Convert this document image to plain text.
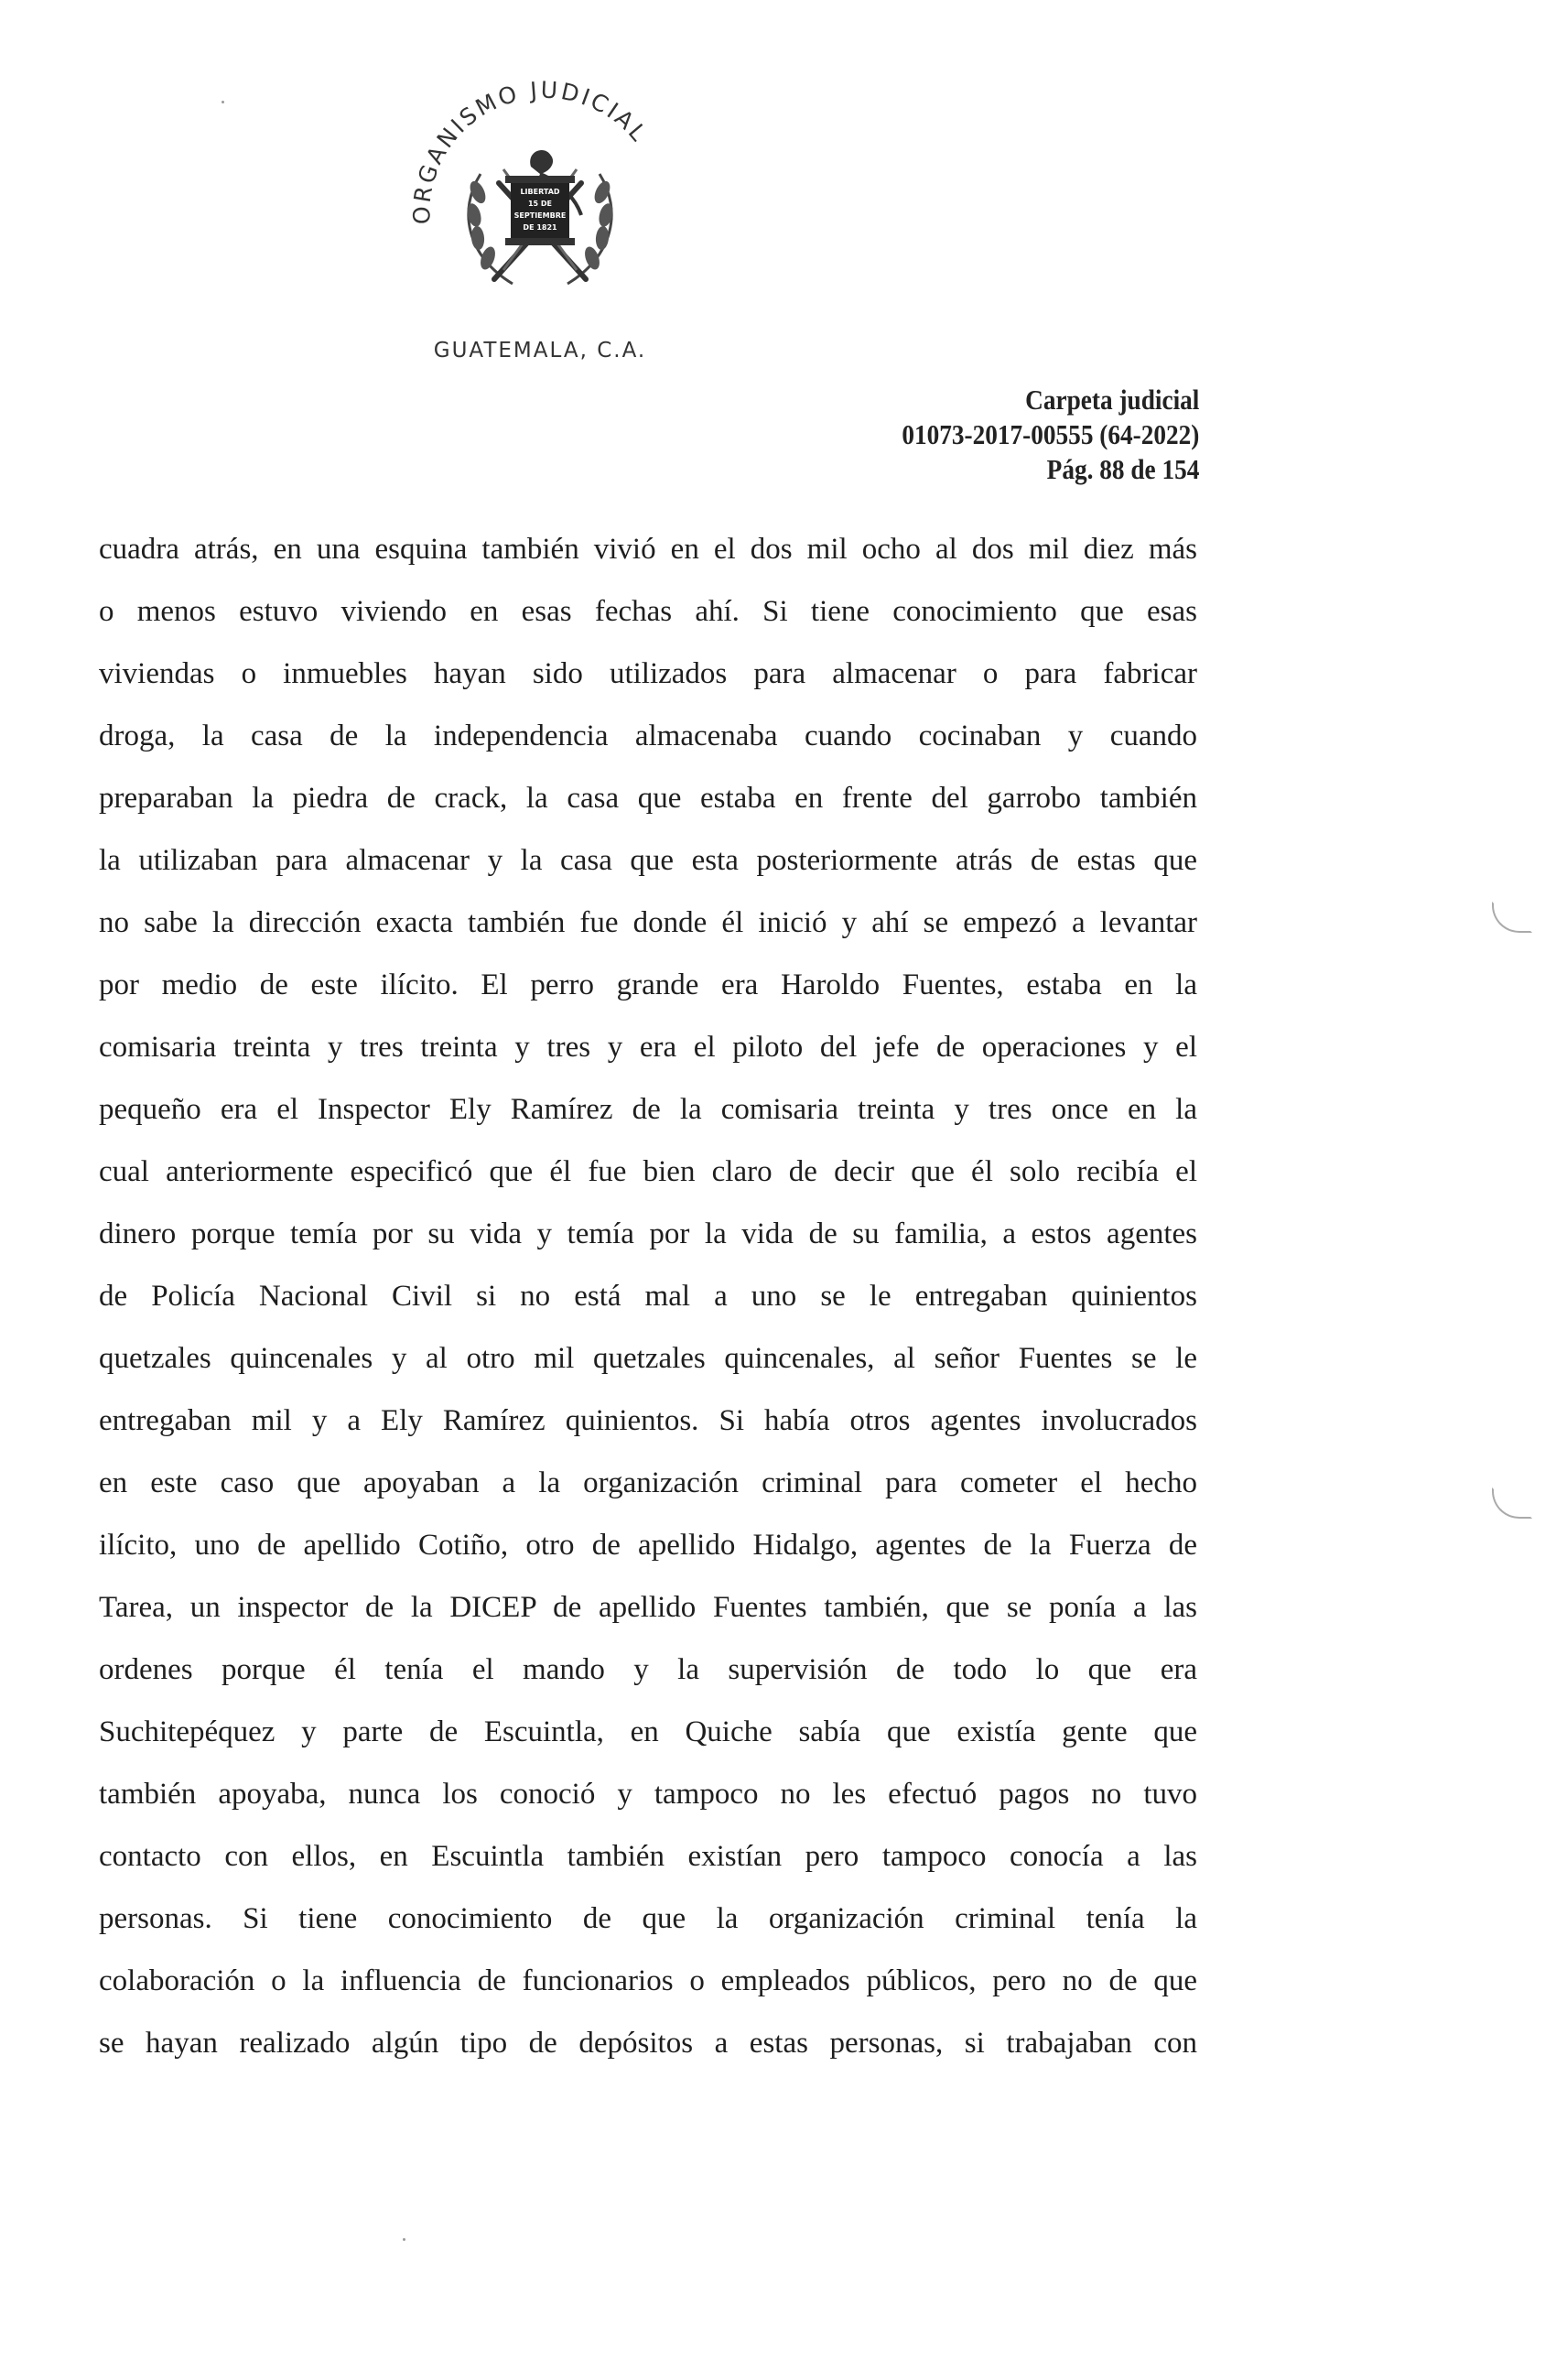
ORGANISMO JUDICIAL
LIBERTAD
15 DE
SEPTIEMBRE
DE 1821
GUATEMALA, C.A.
Carpeta judicial
01073-2017-00555 (64-2022)
Pág. 88 de 154
cuadra atrás, en una esquina también vivió en el dos mil ocho al dos mil diez más
o menos estuvo viviendo en esas fechas ahí. Si tiene conocimiento que esas
viviendas o inmuebles hayan sido utilizados para almacenar o para fabricar
droga, la casa de la independencia almacenaba cuando cocinaban y cuando
preparaban la piedra de crack, la casa que estaba en frente del garrobo también
la utilizaban para almacenar y la casa que esta posteriormente atrás de estas que
no sabe la dirección exacta también fue donde él inició y ahí se empezó a levantar
por medio de este ilícito. El perro grande era Haroldo Fuentes, estaba en la
comisaria treinta y tres treinta y tres y era el piloto del jefe de operaciones y el
pequeño era el Inspector Ely Ramírez de la comisaria treinta y tres once en la
cual anteriormente especificó que él fue bien claro de decir que él solo recibía el
dinero porque temía por su vida y temía por la vida de su familia, a estos agentes
de Policía Nacional Civil si no está mal a uno se le entregaban quinientos
quetzales quincenales y al otro mil quetzales quincenales, al señor Fuentes se le
entregaban mil y a Ely Ramírez quinientos. Si había otros agentes involucrados
en este caso que apoyaban a la organización criminal para cometer el hecho
ilícito, uno de apellido Cotiño, otro de apellido Hidalgo, agentes de la Fuerza de
Tarea, un inspector de la DICEP de apellido Fuentes también, que se ponía a las
ordenes porque él tenía el mando y la supervisión de todo lo que era
Suchitepéquez y parte de Escuintla, en Quiche sabía que existía gente que
también apoyaba, nunca los conoció y tampoco no les efectuó pagos no tuvo
contacto con ellos, en Escuintla también existían pero tampoco conocía a las
personas. Si tiene conocimiento de que la organización criminal tenía la
colaboración o la influencia de funcionarios o empleados públicos, pero no de que
se hayan realizado algún tipo de depósitos a estas personas, si trabajaban con
